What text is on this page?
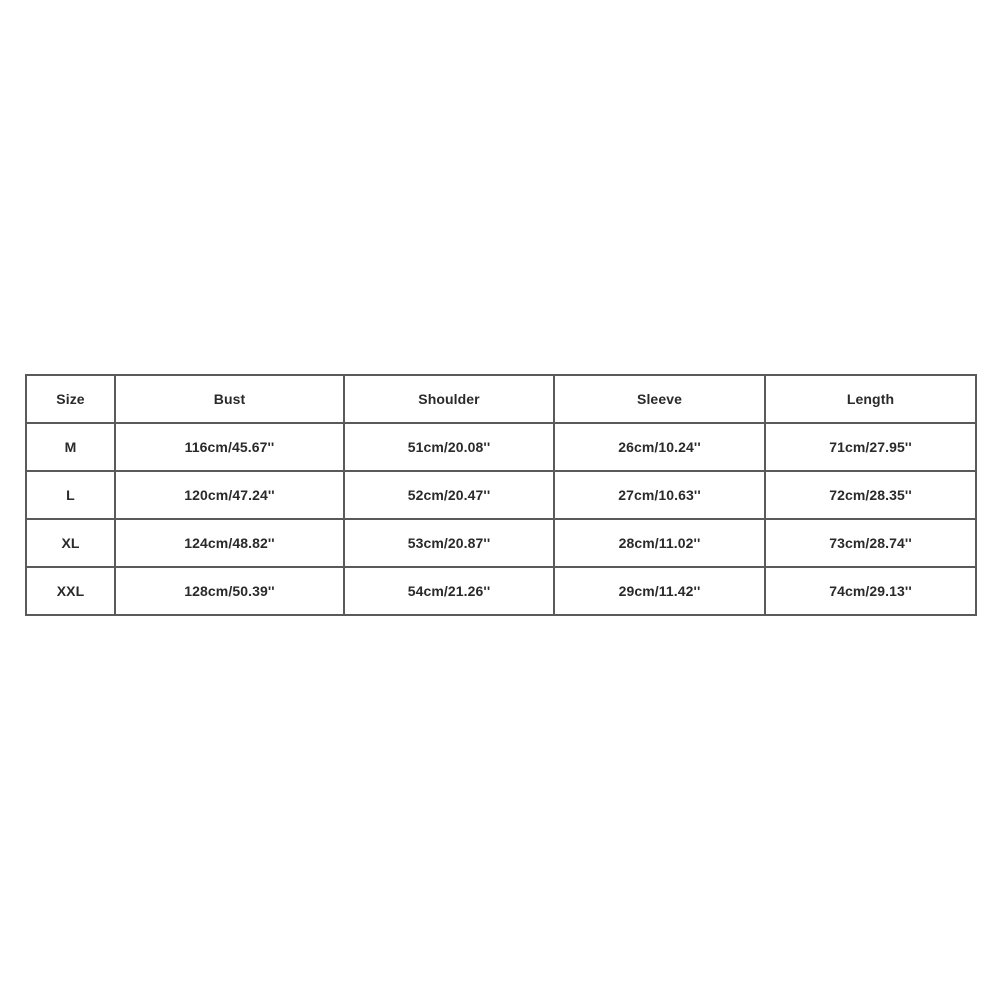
Size	Bust	Shoulder	Sleeve	Length
M	116cm/45.67''	51cm/20.08''	26cm/10.24''	71cm/27.95''
L	120cm/47.24''	52cm/20.47''	27cm/10.63''	72cm/28.35''
XL	124cm/48.82''	53cm/20.87''	28cm/11.02''	73cm/28.74''
XXL	128cm/50.39''	54cm/21.26''	29cm/11.42''	74cm/29.13''
